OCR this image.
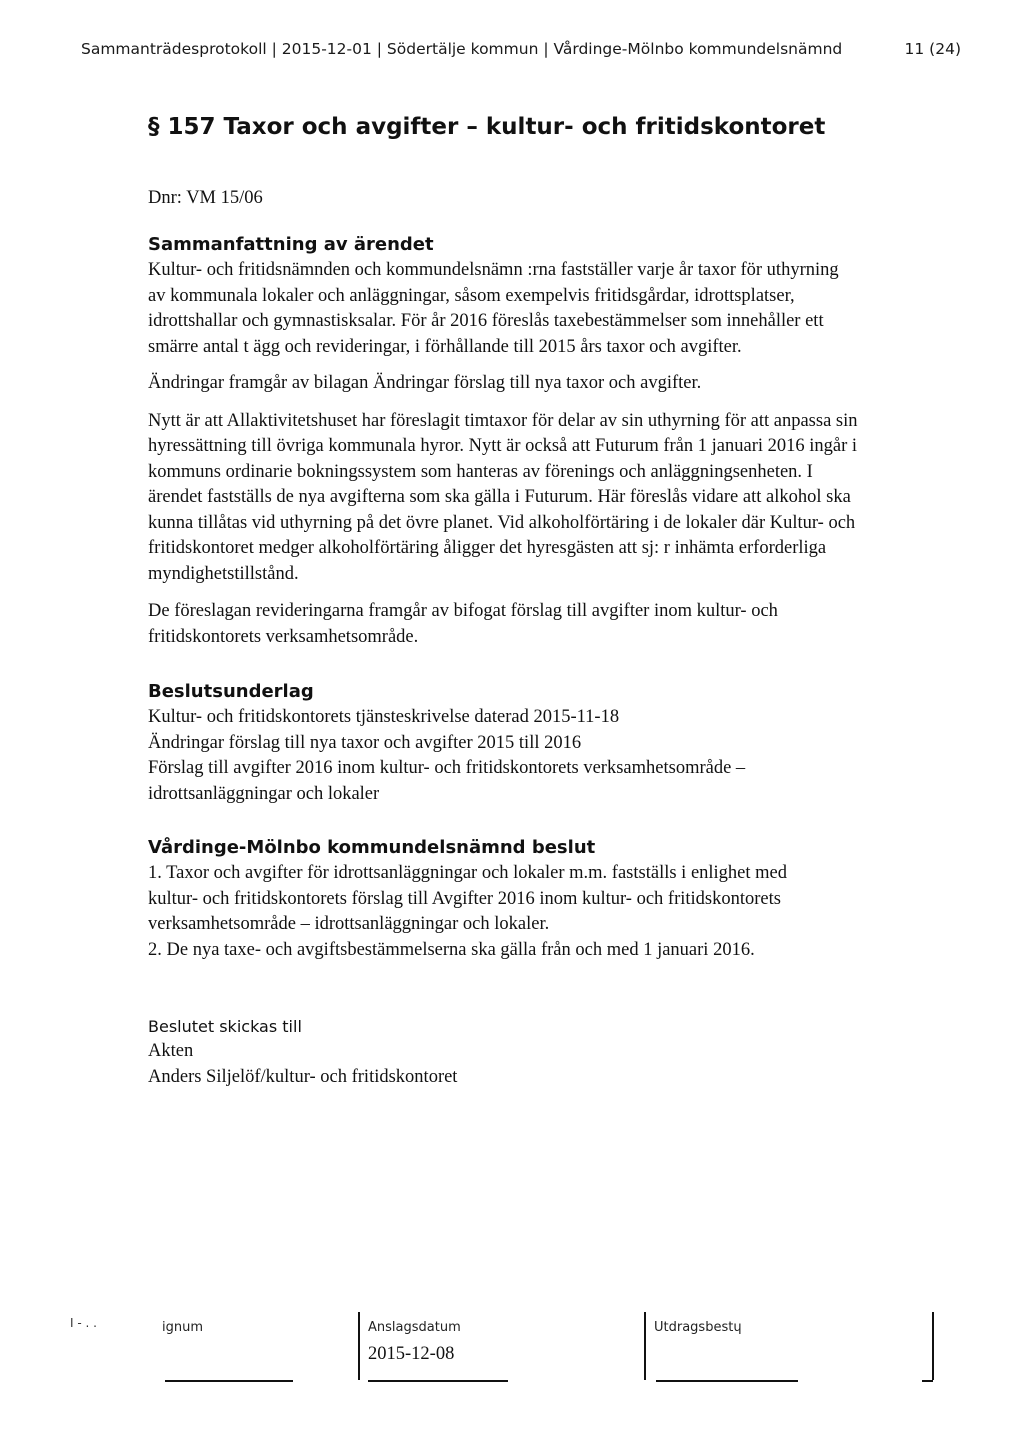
Sammanträdesprotokoll | 2015-12-01 | Södertälje kommun | Vårdinge-Mölnbo kommundelsnämnd	11 (24)
§ 157 Taxor och avgifter – kultur- och fritidskontoret
Dnr: VM 15/06
Sammanfattning av ärendet
Kultur- och fritidsnämnden och kommundelsnämn :rna fastställer varje år taxor för uthyrning
av kommunala lokaler och anläggningar, såsom exempelvis fritidsgårdar, idrottsplatser,
idrottshallar och gymnastisksalar. För år 2016 föreslås taxebestämmelser som innehåller ett
smärre antal t ägg och revideringar, i förhållande till 2015 års taxor och avgifter.
Ändringar framgår av bilagan Ändringar förslag till nya taxor och avgifter.
Nytt är att Allaktivitetshuset har föreslagit timtaxor för delar av sin uthyrning för att anpassa sin
hyressättning till övriga kommunala hyror. Nytt är också att Futurum från 1 januari 2016 ingår i
kommuns ordinarie bokningssystem som hanteras av förenings och anläggningsenheten. I
ärendet fastställs de nya avgifterna som ska gälla i Futurum. Här föreslås vidare att alkohol ska
kunna tillåtas vid uthyrning på det övre planet. Vid alkoholförtäring i de lokaler där Kultur- och
fritidskontoret medger alkoholförtäring åligger det hyresgästen att sj: r inhämta erforderliga
myndighetstillstånd.
De föreslagan revideringarna framgår av bifogat förslag till avgifter inom kultur- och
fritidskontorets verksamhetsområde.
Beslutsunderlag
Kultur- och fritidskontorets tjänsteskrivelse daterad 2015-11-18
Ändringar förslag till nya taxor och avgifter 2015 till 2016
Förslag till avgifter 2016 inom kultur- och fritidskontorets verksamhetsområde –
idrottsanläggningar och lokaler
Vårdinge-Mölnbo kommundelsnämnd beslut
1. Taxor och avgifter för idrottsanläggningar och lokaler m.m. fastställs i enlighet med
kultur- och fritidskontorets förslag till Avgifter 2016 inom kultur- och fritidskontorets
verksamhetsområde – idrottsanläggningar och lokaler.
2. De nya taxe- och avgiftsbestämmelserna ska gälla från och med 1 januari 2016.
Beslutet skickas till
Akten
Anders Siljelöf/kultur- och fritidskontoret
I - . .	ignum	Anslagsdatum
2015-12-08
Utdragsbestɥ
